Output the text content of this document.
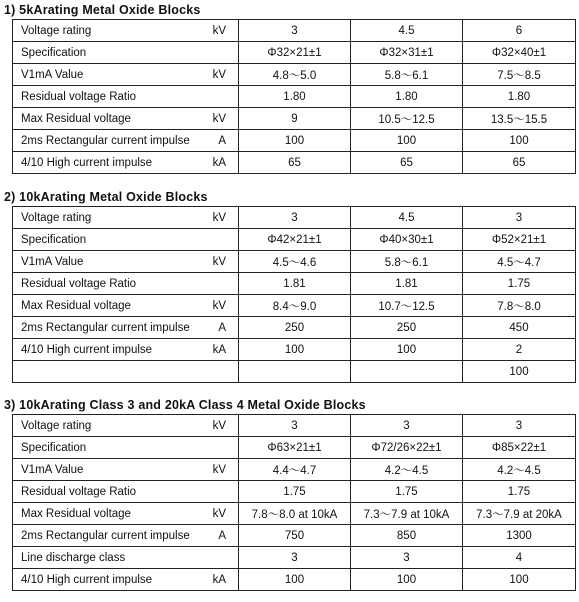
1) 5kArating Metal Oxide Blocks
Voltage rating kV	3	4.5	6

Specification	Φ32×21±1	Φ32×31±1	Φ32×40±1

V1mA Value kV	4.8～5.0	5.8～6.1	7.5～8.5

Residual voltage Ratio	1.80	1.80	1.80

Max Residual voltage kV	9	10.5～12.5	13.5～15.5

2ms Rectangular current impulse A	100	100	100

4/10 High current impulse kA	65	65	65
2) 10kArating Metal Oxide Blocks
Voltage rating kV	3	4.5	3

Specification	Φ42×21±1	Φ40×30±1	Φ52×21±1

V1mA Value kV	4.5～4.6	5.8～6.1	4.5～4.7

Residual voltage Ratio	1.81	1.81	1.75

Max Residual voltage kV	8.4～9.0	10.7～12.5	7.8～8.0

2ms Rectangular current impulse A	250	250	450

4/10 High current impulse kA	100	100	2

			100
3) 10kArating Class 3 and 20kA Class 4 Metal Oxide Blocks
Voltage rating kV	3	3	3

Specification	Φ63×21±1	Φ72/26×22±1	Φ85×22±1

V1mA Value kV	4.4～4.7	4.2～4.5	4.2～4.5

Residual voltage Ratio	1.75	1.75	1.75

Max Residual voltage kV	7.8～8.0 at 10kA	7.3～7.9 at 10kA	7.3～7.9 at 20kA

2ms Rectangular current impulse A	750	850	1300

Line discharge class	3	3	4

4/10 High current impulse kA	100	100	100
